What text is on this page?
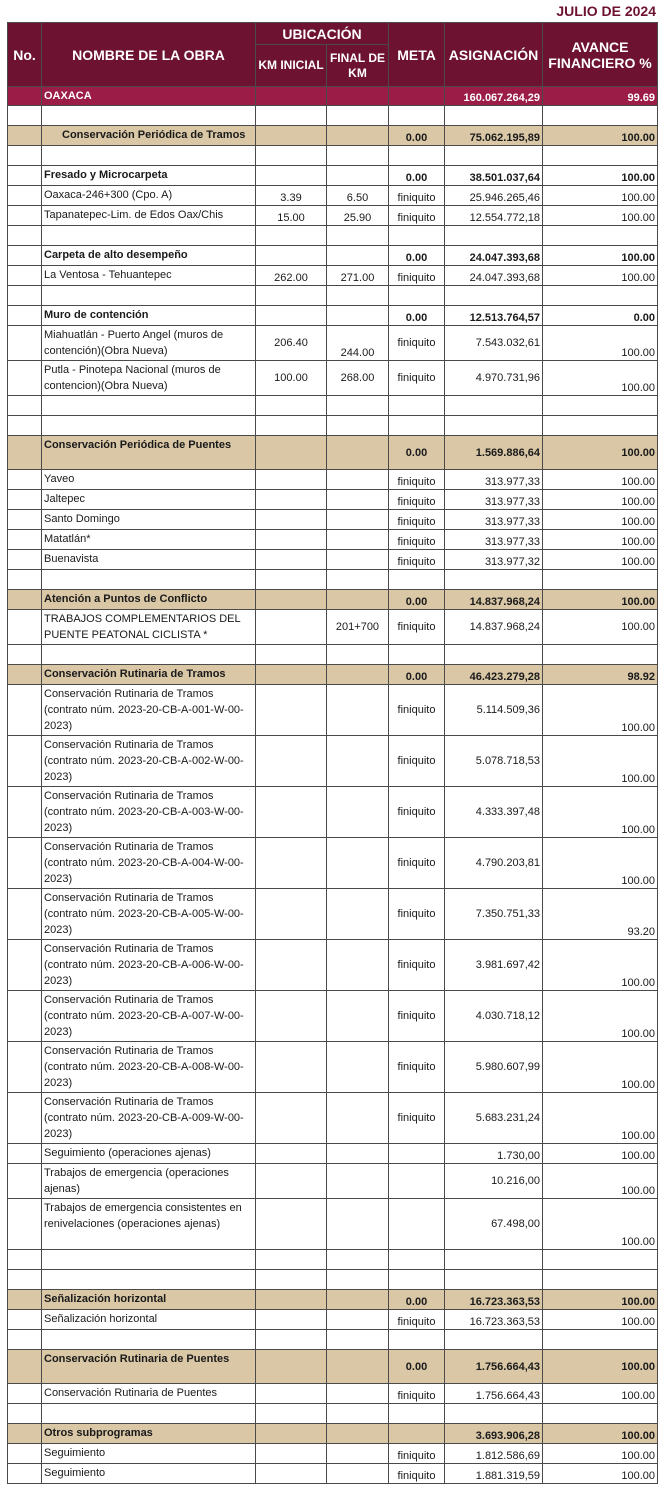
JULIO DE 2024
No.	NOMBRE DE LA OBRA	UBICACIÓN		META	ASIGNACIÓN	AVANCE FINANCIERO %
		KM INICIAL	FINAL DE KM			
	OAXACA				160.067.264,29	99.69

	Conservación Periódica de Tramos			0.00	75.062.195,89	100.00

	Fresado y Microcarpeta			0.00	38.501.037,64	100.00
	Oaxaca-246+300 (Cpo. A)	3.39	6.50	finiquito	25.946.265,46	100.00
	Tapanatepec-Lim. de Edos Oax/Chis	15.00	25.90	finiquito	12.554.772,18	100.00

	Carpeta de alto desempeño			0.00	24.047.393,68	100.00
	La Ventosa - Tehuantepec	262.00	271.00	finiquito	24.047.393,68	100.00

	Muro de contención			0.00	12.513.764,57	0.00
	Miahuatlán - Puerto Angel (muros de contención)(Obra Nueva)	206.40	244.00	finiquito	7.543.032,61	100.00
	Putla - Pinotepa Nacional (muros de contencion)(Obra Nueva)	100.00	268.00	finiquito	4.970.731,96	100.00

	Conservación Periódica de Puentes			0.00	1.569.886,64	100.00
	Yaveo			finiquito	313.977,33	100.00
	Jaltepec			finiquito	313.977,33	100.00
	Santo Domingo			finiquito	313.977,33	100.00
	Matatlán*			finiquito	313.977,33	100.00
	Buenavista			finiquito	313.977,32	100.00

	Atención a Puntos de Conflicto			0.00	14.837.968,24	100.00
	TRABAJOS COMPLEMENTARIOS DEL PUENTE PEATONAL CICLISTA *		201+700	finiquito	14.837.968,24	100.00

	Conservación Rutinaria de Tramos			0.00	46.423.279,28	98.92
	Conservación Rutinaria de Tramos (contrato núm. 2023-20-CB-A-001-W-00-2023)			finiquito	5.114.509,36	100.00
	Conservación Rutinaria de Tramos (contrato núm. 2023-20-CB-A-002-W-00-2023)			finiquito	5.078.718,53	100.00
	Conservación Rutinaria de Tramos (contrato núm. 2023-20-CB-A-003-W-00-2023)			finiquito	4.333.397,48	100.00
	Conservación Rutinaria de Tramos (contrato núm. 2023-20-CB-A-004-W-00-2023)			finiquito	4.790.203,81	100.00
	Conservación Rutinaria de Tramos (contrato núm. 2023-20-CB-A-005-W-00-2023)			finiquito	7.350.751,33	93.20
	Conservación Rutinaria de Tramos (contrato núm. 2023-20-CB-A-006-W-00-2023)			finiquito	3.981.697,42	100.00
	Conservación Rutinaria de Tramos (contrato núm. 2023-20-CB-A-007-W-00-2023)			finiquito	4.030.718,12	100.00
	Conservación Rutinaria de Tramos (contrato núm. 2023-20-CB-A-008-W-00-2023)			finiquito	5.980.607,99	100.00
	Conservación Rutinaria de Tramos (contrato núm. 2023-20-CB-A-009-W-00-2023)			finiquito	5.683.231,24	100.00
	Seguimiento (operaciones ajenas)				1.730,00	100.00
	Trabajos de emergencia (operaciones ajenas)				10.216,00	100.00
	Trabajos de emergencia consistentes en renivelaciones (operaciones ajenas)				67.498,00	100.00

	Señalización horizontal			0.00	16.723.363,53	100.00
	Señalización horizontal			finiquito	16.723.363,53	100.00

	Conservación Rutinaria de Puentes			0.00	1.756.664,43	100.00
	Conservación Rutinaria de Puentes			finiquito	1.756.664,43	100.00

	Otros subprogramas				3.693.906,28	100.00
	Seguimiento			finiquito	1.812.586,69	100.00
	Seguimiento			finiquito	1.881.319,59	100.00
